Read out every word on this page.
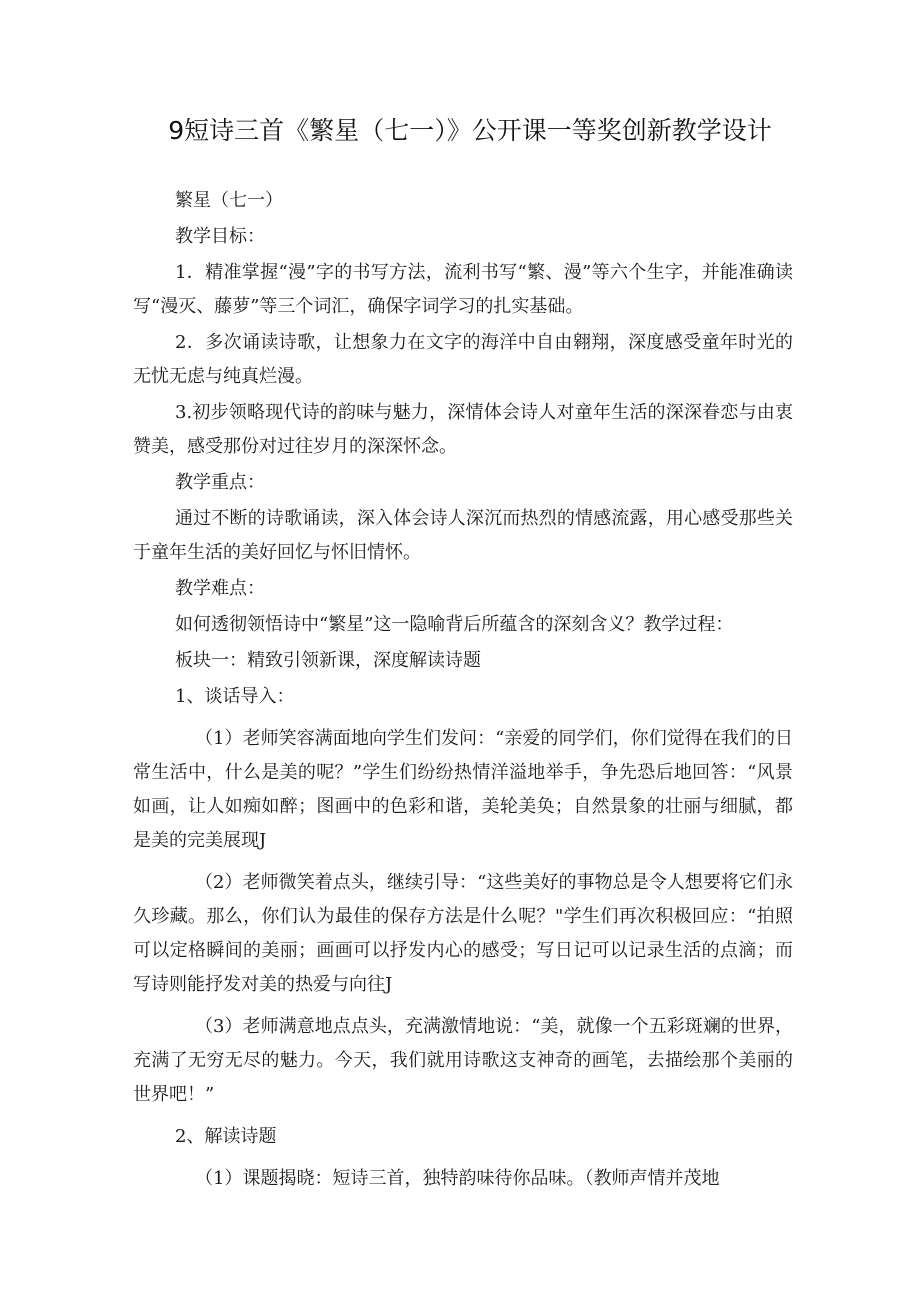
9短诗三首《繁星（七一）》公开课一等奖创新教学设计

繁星（七一）

教学目标：

1．精准掌握“漫”字的书写方法，流利书写“繁、漫”等六个生字，并能准确读写“漫灭、藤萝”等三个词汇，确保字词学习的扎实基础。

2．多次诵读诗歌，让想象力在文字的海洋中自由翱翔，深度感受童年时光的无忧无虑与纯真烂漫。

3.初步领略现代诗的韵味与魅力，深情体会诗人对童年生活的深深眷恋与由衷赞美，感受那份对过往岁月的深深怀念。

教学重点：

通过不断的诗歌诵读，深入体会诗人深沉而热烈的情感流露，用心感受那些关于童年生活的美好回忆与怀旧情怀。

教学难点：

如何透彻领悟诗中“繁星”这一隐喻背后所蕴含的深刻含义？教学过程：

板块一：精致引领新课，深度解读诗题

1、谈话导入：

（1）老师笑容满面地向学生们发问：“亲爱的同学们，你们觉得在我们的日常生活中，什么是美的呢？”学生们纷纷热情洋溢地举手，争先恐后地回答：“风景如画，让人如痴如醉；图画中的色彩和谐，美轮美奂；自然景象的壮丽与细腻，都是美的完美展现J

（2）老师微笑着点头，继续引导：“这些美好的事物总是令人想要将它们永久珍藏。那么，你们认为最佳的保存方法是什么呢？"学生们再次积极回应：“拍照可以定格瞬间的美丽；画画可以抒发内心的感受；写日记可以记录生活的点滴；而写诗则能抒发对美的热爱与向往J

（3）老师满意地点点头，充满激情地说：“美，就像一个五彩斑斓的世界，充满了无穷无尽的魅力。今天，我们就用诗歌这支神奇的画笔，去描绘那个美丽的世界吧！”

2、解读诗题

（1）课题揭晓：短诗三首，独特韵味待你品味。（教师声情并茂地
